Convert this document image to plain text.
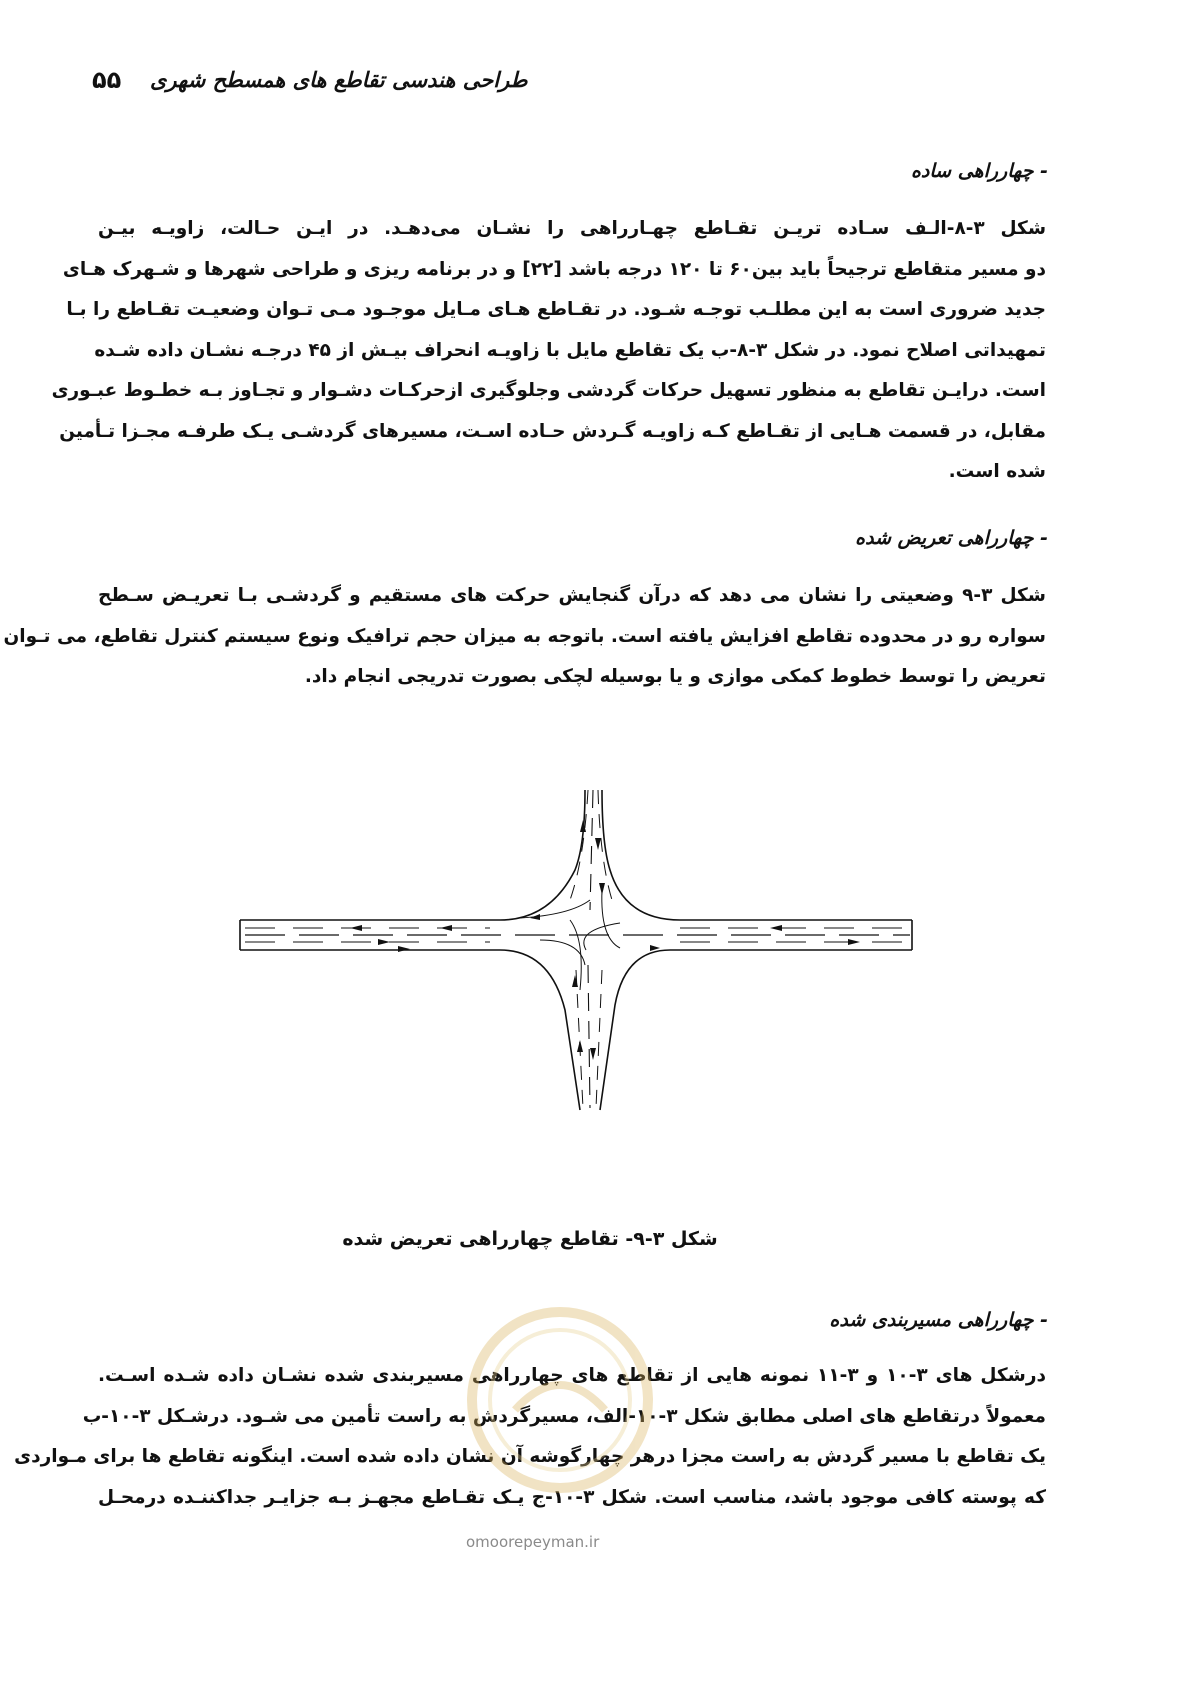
۵۵ طراحی هندسی تقاطع های همسطح شهری
- چهارراهی ساده
شکل ۳-۸-الـف سـاده تریـن تقـاطع چهـارراهی را نشـان می‌دهـد. در ایـن حـالت، زاویـه بیـن
دو مسیر متقاطع ترجیحاً باید بین۶۰ تا ۱۲۰ درجه باشد [۲۲] و در برنامه ریزی و طراحی شهرها و شـهرک هـای
جدید ضروری است به این مطلـب توجـه شـود. در تقـاطع هـای مـایل موجـود مـی تـوان وضعیـت تقـاطع را بـا
تمهیداتی اصلاح نمود. در شکل ۳-۸-ب یک تقاطع مایل با زاویـه انحراف بیـش از ۴۵ درجـه نشـان داده شـده
است. درایـن تقاطع به منظور تسهیل حرکات گردشی وجلوگیری ازحرکـات دشـوار و تجـاوز بـه خطـوط عبـوری
مقابل، در قسمت هـایی از تقـاطع کـه زاویـه گـردش حـاده اسـت، مسیرهای گردشـی یـک طرفـه مجـزا تـأمین
شده است.
- چهارراهی تعریض شده
شکل ۳-۹ وضعیتی را نشان می دهد که درآن گنجایش حرکت های مستقیم و گردشـی بـا تعریـض سـطح
سواره رو در محدوده تقاطع افزایش یافته است. باتوجه به میزان حجم ترافیک ونوع سیستم کنترل تقاطع، می تـوان
تعریض را توسط خطوط کمکی موازی و یا بوسیله لچکی بصورت تدریجی انجام داد.
شکل ۳-۹- تقاطع چهارراهی تعریض شده
- چهارراهی مسیربندی شده
درشکل های ۳-۱۰ و ۳-۱۱ نمونه هایی از تقاطع های چهارراهی مسیربندی شده نشـان داده شـده اسـت.
معمولاً درتقاطع های اصلی مطابق شکل ۳-۱۰-الف، مسیرگردش به راست تأمین می شـود. درشـکل ۳-۱۰-ب
یک تقاطع با مسیر گردش به راست مجزا درهر چهارگوشه آن نشان داده شده است. اینگونه تقاطع ها برای مـواردی
که پوسته کافی موجود باشد، مناسب است. شکل ۳-۱۰-ج یـک تقـاطع مجهـز بـه جزایـر جداکننـده درمحـل
omoorepeyman.ir
